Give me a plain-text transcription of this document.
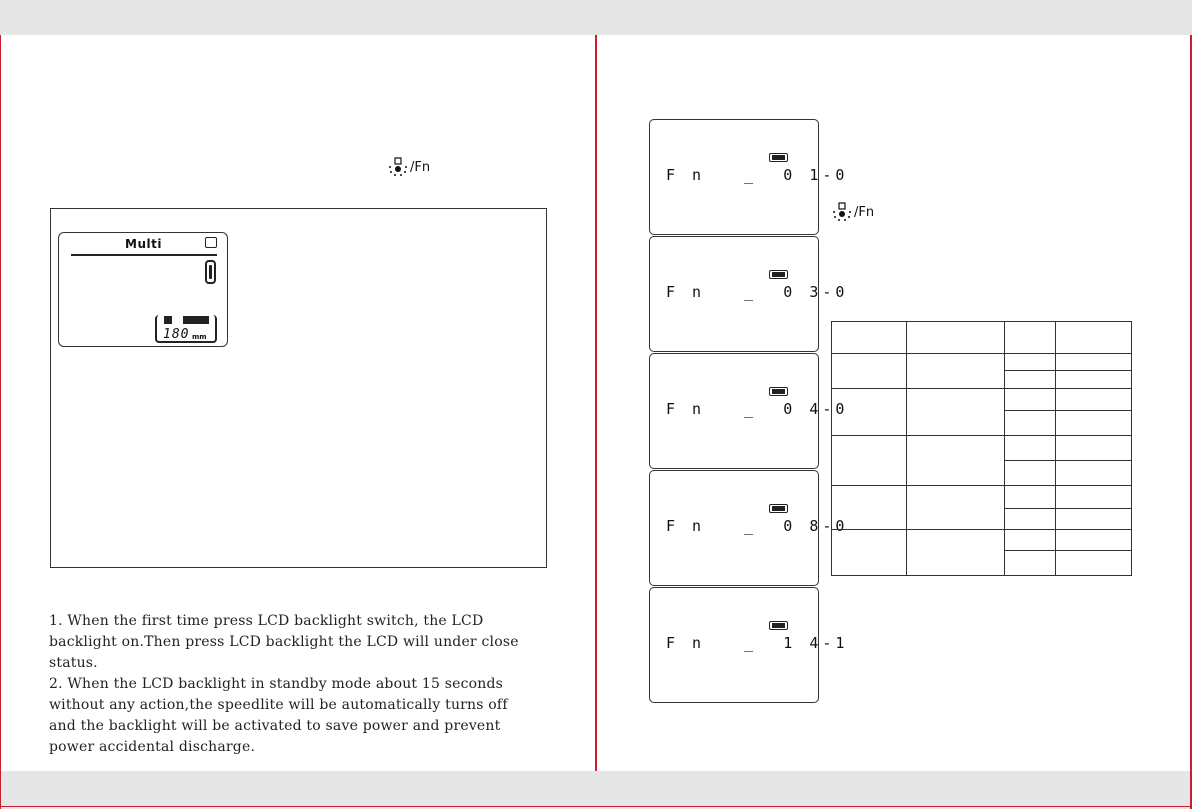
/Fn
Multi
180 mm

1. When the first time press LCD backlight switch, the LCD backlight on.Then press LCD backlight the LCD will under close status.

2. When the LCD backlight in standby mode about 15 seconds without any action,the speedlite will be automatically turns off and the backlight will be activated to save power and prevent power accidental discharge.

F n   _  0 1-0
F n   _  0 3-0
F n   _  0 4-0
F n   _  0 8-0
F n   _  1 4-1
/Fn
